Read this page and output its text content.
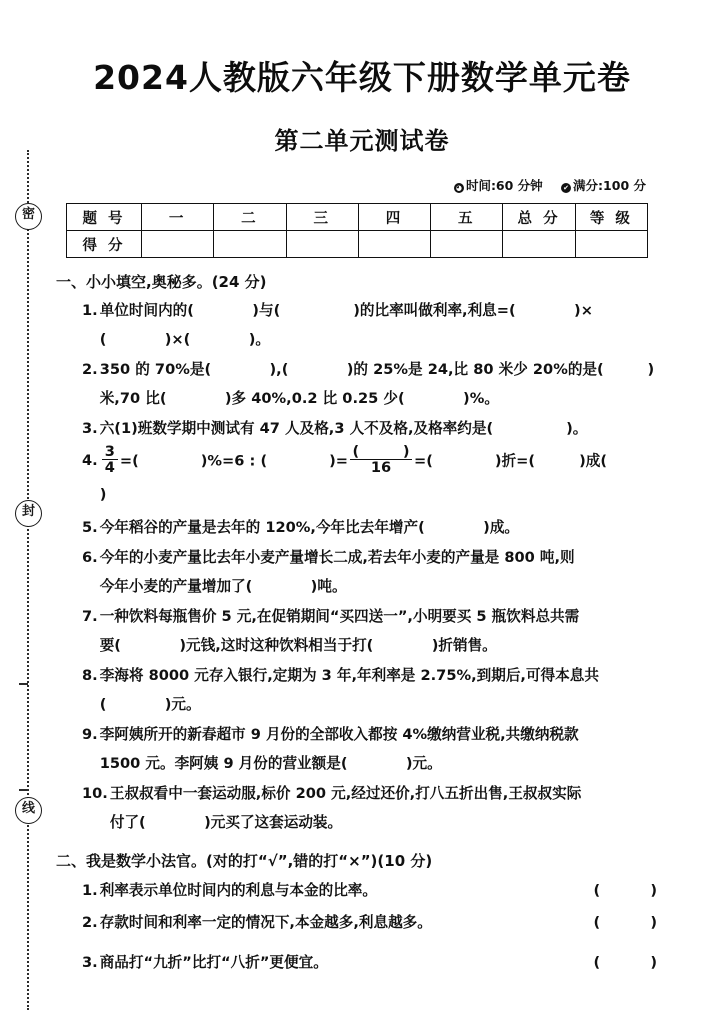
密
封
线
2024人教版六年级下册数学单元卷
第二单元测试卷
◕ 时间:60 分钟	✔ 满分:100 分
题 号	一	二	三	四	五	总 分	等 级
得 分							
一、小小填空,奥秘多。(24 分)
1. 单位时间内的(　　　　)与(　　　　　)的比率叫做利率,利息=(　　　　)×
(　　　　)×(　　　　)。
2. 350 的 70%是(　　　　),(　　　　)的 25%是 24,比 80 米少 20%的是(　　　)
米,70 比(　　　　)多 40%,0.2 比 0.25 少(　　　　)%。
3. 六(1)班数学期中测试有 47 人及格,3 人不及格,及格率约是(　　　　　)。
4. $\frac{3}{4}$ =(	)%=6 : (	)= $\frac{( )}{16}$ =(	)折=(	)成()
5. 今年稻谷的产量是去年的 120%,今年比去年增产(　　　　)成。
6. 今年的小麦产量比去年小麦产量增长二成,若去年小麦的产量是 800 吨,则
今年小麦的产量增加了(　　　　)吨。
7. 一种饮料每瓶售价 5 元,在促销期间“买四送一”,小明要买 5 瓶饮料总共需
要(　　　　)元钱,这时这种饮料相当于打(　　　　)折销售。
8. 李海将 8000 元存入银行,定期为 3 年,年利率是 2.75%,到期后,可得本息共
(　　　　)元。
9. 李阿姨所开的新春超市 9 月份的全部收入都按 4%缴纳营业税,共缴纳税款
1500 元。李阿姨 9 月份的营业额是(　　　　)元。
10. 王叔叔看中一套运动服,标价 200 元,经过还价,打八五折出售,王叔叔实际
付了(　　　　)元买了这套运动装。
二、我是数学小法官。(对的打“√”,错的打“×”)(10 分)
1. 利率表示单位时间内的利息与本金的比率。	(　　)
2. 存款时间和利率一定的情况下,本金越多,利息越多。	(　　)
3. 商品打“九折”比打“八折”更便宜。	(　　)
